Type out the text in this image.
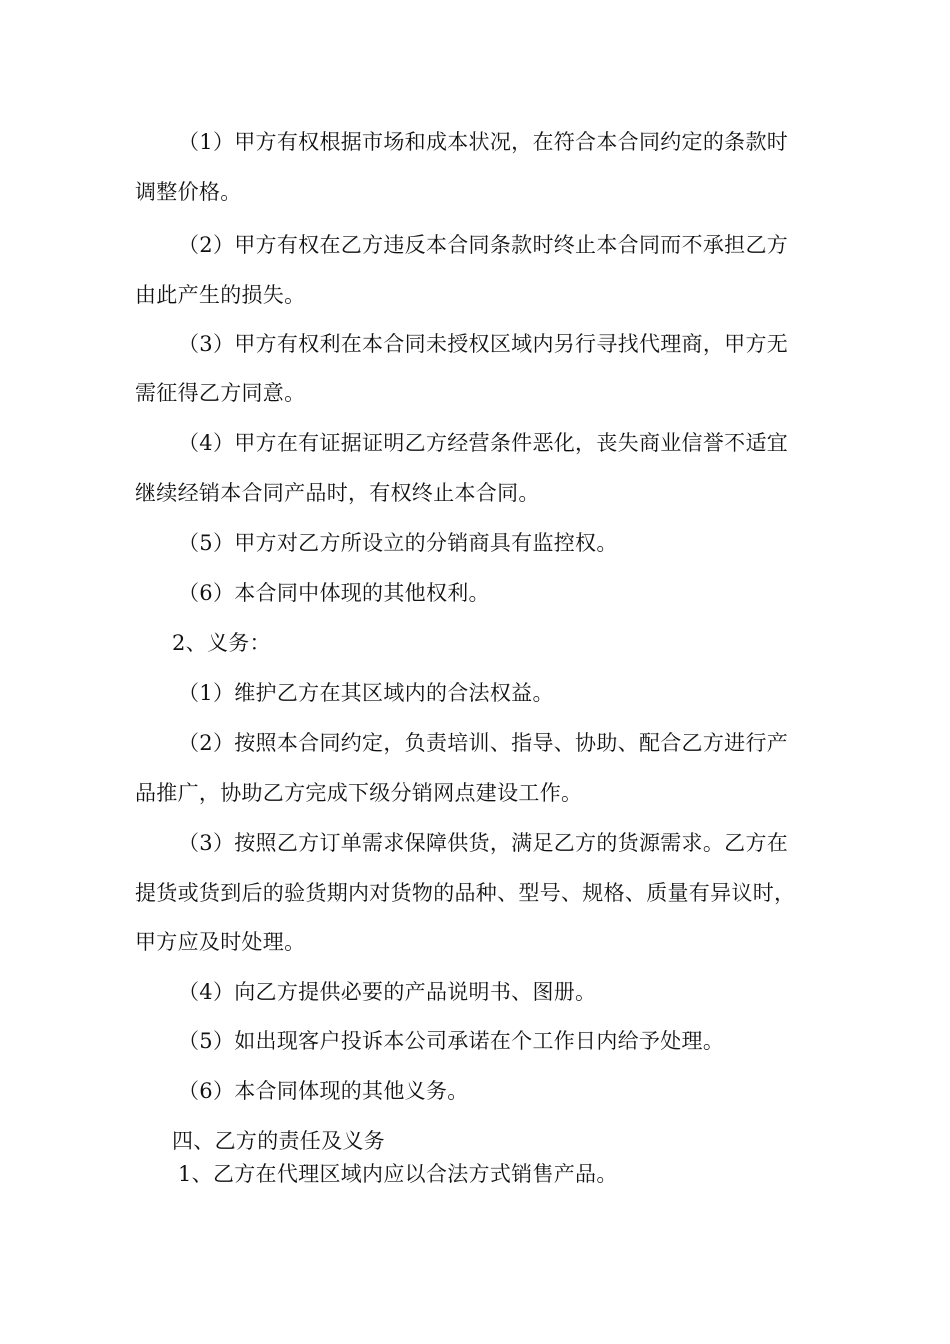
（1）甲方有权根据市场和成本状况，在符合本合同约定的条款时
调整价格。
（2）甲方有权在乙方违反本合同条款时终止本合同而不承担乙方
由此产生的损失。
（3）甲方有权利在本合同未授权区域内另行寻找代理商，甲方无
需征得乙方同意。
（4）甲方在有证据证明乙方经营条件恶化，丧失商业信誉不适宜
继续经销本合同产品时，有权终止本合同。
（5）甲方对乙方所设立的分销商具有监控权。
（6）本合同中体现的其他权利。
2、义务：
（1）维护乙方在其区域内的合法权益。
（2）按照本合同约定，负责培训、指导、协助、配合乙方进行产
品推广，协助乙方完成下级分销网点建设工作。
（3）按照乙方订单需求保障供货，满足乙方的货源需求。乙方在
提货或货到后的验货期内对货物的品种、型号、规格、质量有异议时，
甲方应及时处理。
（4）向乙方提供必要的产品说明书、图册。
（5）如出现客户投诉本公司承诺在个工作日内给予处理。
（6）本合同体现的其他义务。
四、乙方的责任及义务
1、乙方在代理区域内应以合法方式销售产品。
